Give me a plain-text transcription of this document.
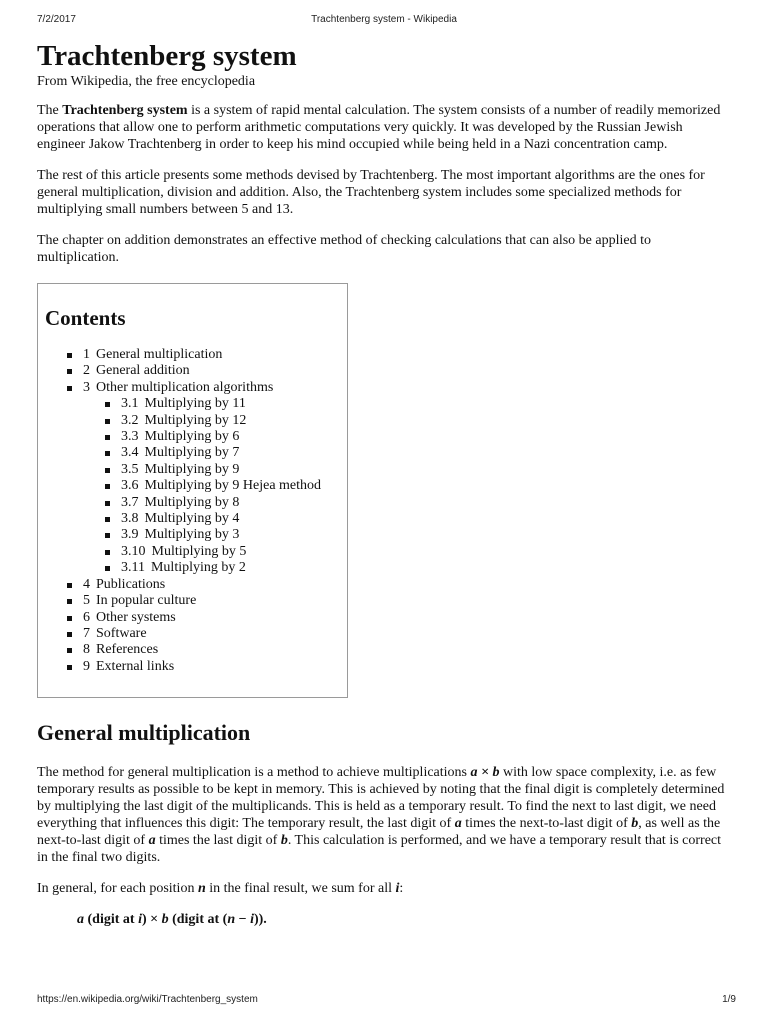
7/2/2017	Trachtenberg system - Wikipedia
Trachtenberg system
From Wikipedia, the free encyclopedia

The Trachtenberg system is a system of rapid mental calculation. The system consists of a number of readily memorized operations that allow one to perform arithmetic computations very quickly. It was developed by the Russian Jewish engineer Jakow Trachtenberg in order to keep his mind occupied while being held in a Nazi concentration camp.

The rest of this article presents some methods devised by Trachtenberg. The most important algorithms are the ones for general multiplication, division and addition. Also, the Trachtenberg system includes some specialized methods for multiplying small numbers between 5 and 13.

The chapter on addition demonstrates an effective method of checking calculations that can also be applied to multiplication.

Contents
1 General multiplication
2 General addition
3 Other multiplication algorithms
3.1 Multiplying by 11
3.2 Multiplying by 12
3.3 Multiplying by 6
3.4 Multiplying by 7
3.5 Multiplying by 9
3.6 Multiplying by 9 Hejea method
3.7 Multiplying by 8
3.8 Multiplying by 4
3.9 Multiplying by 3
3.10 Multiplying by 5
3.11 Multiplying by 2
4 Publications
5 In popular culture
6 Other systems
7 Software
8 References
9 External links
General multiplication

The method for general multiplication is a method to achieve multiplications a × b with low space complexity, i.e. as few temporary results as possible to be kept in memory. This is achieved by noting that the final digit is completely determined by multiplying the last digit of the multiplicands. This is held as a temporary result. To find the next to last digit, we need everything that influences this digit: The temporary result, the last digit of a times the next-to-last digit of b, as well as the next-to-last digit of a times the last digit of b. This calculation is performed, and we have a temporary result that is correct in the final two digits.

In general, for each position n in the final result, we sum for all i:

a (digit at i) × b (digit at (n − i)).
https://en.wikipedia.org/wiki/Trachtenberg_system	1/9
